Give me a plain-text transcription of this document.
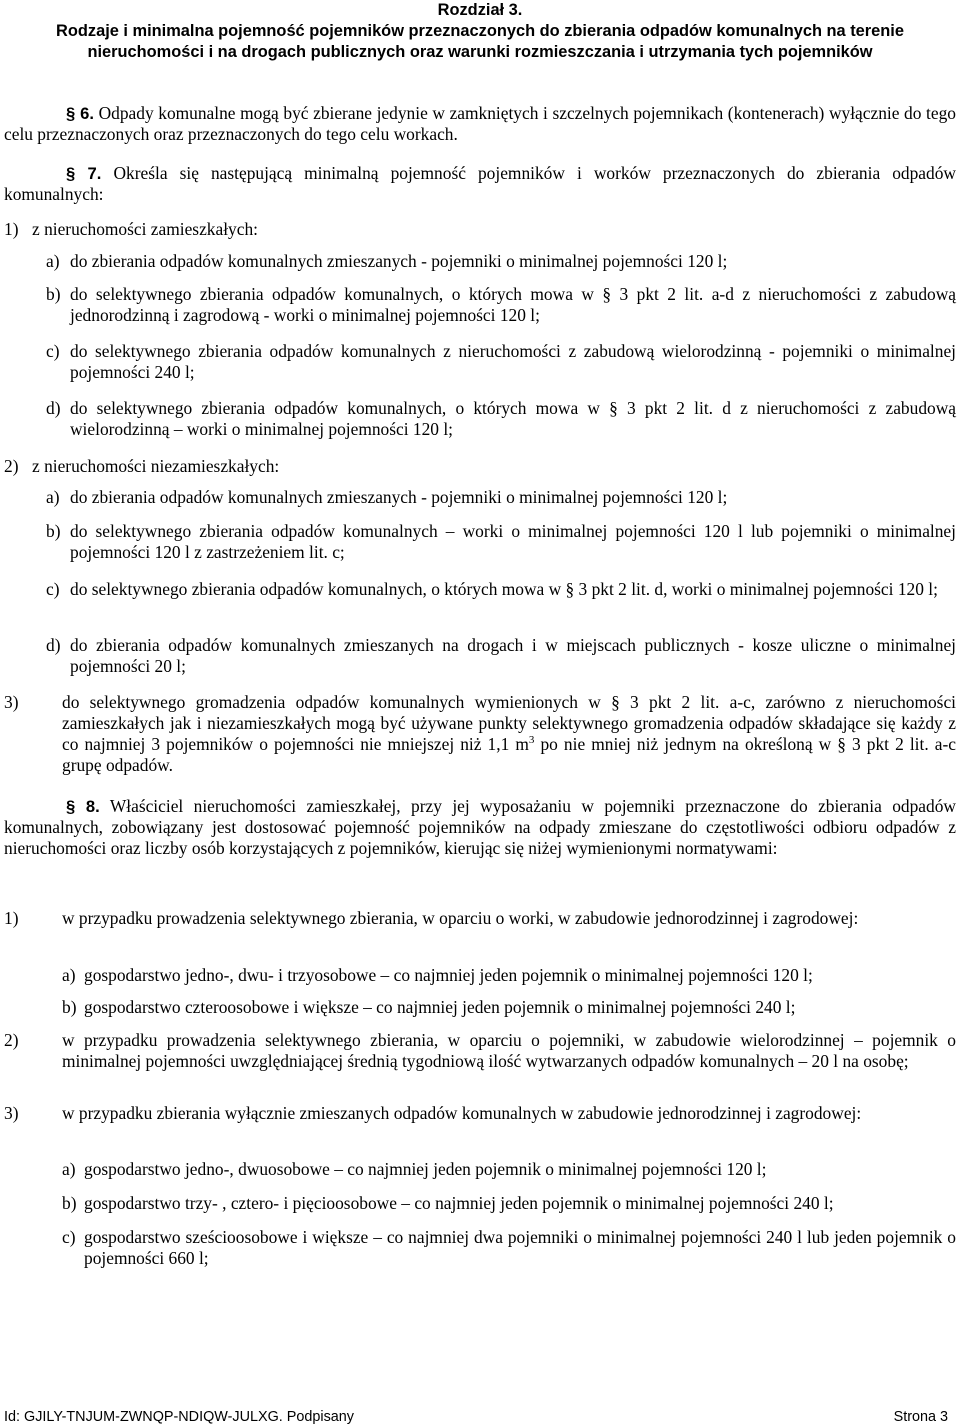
Rozdział 3.
Rodzaje i minimalna pojemność pojemników przeznaczonych do zbierania odpadów komunalnych na terenie nieruchomości i na drogach publicznych oraz warunki rozmieszczania i utrzymania tych pojemników
§ 6. Odpady komunalne mogą być zbierane jedynie w zamkniętych i szczelnych pojemnikach (kontenerach) wyłącznie do tego celu przeznaczonych oraz przeznaczonych do tego celu workach.
§ 7. Określa się następującą minimalną pojemność pojemników i worków przeznaczonych do zbierania odpadów komunalnych:
1) z nieruchomości zamieszkałych:
a) do zbierania odpadów komunalnych zmieszanych - pojemniki o minimalnej pojemności 120 l;
b) do selektywnego zbierania odpadów komunalnych, o których mowa w § 3 pkt 2 lit. a-d z nieruchomości z zabudową jednorodzinną i zagrodową - worki o minimalnej pojemności 120 l;
c) do selektywnego zbierania odpadów komunalnych z nieruchomości z zabudową wielorodzinną - pojemniki o minimalnej pojemności 240 l;
d) do selektywnego zbierania odpadów komunalnych, o których mowa w § 3 pkt 2 lit. d z nieruchomości z zabudową wielorodzinną – worki o minimalnej pojemności 120 l;
2) z nieruchomości niezamieszkałych:
a) do zbierania odpadów komunalnych zmieszanych - pojemniki o minimalnej pojemności 120 l;
b) do selektywnego zbierania odpadów komunalnych – worki o minimalnej pojemności 120 l lub pojemniki o minimalnej pojemności 120 l z zastrzeżeniem lit. c;
c) do selektywnego zbierania odpadów komunalnych, o których mowa w § 3 pkt 2 lit. d, worki o minimalnej pojemności 120 l;
d) do zbierania odpadów komunalnych zmieszanych na drogach i w miejscach publicznych - kosze uliczne o minimalnej pojemności 20 l;
3)	do selektywnego gromadzenia odpadów komunalnych wymienionych w § 3 pkt 2 lit. a-c, zarówno z nieruchomości zamieszkałych jak i niezamieszkałych mogą być używane punkty selektywnego gromadzenia odpadów składające się każdy z co najmniej 3 pojemników o pojemności nie mniejszej niż 1,1 $m^3$ po nie mniej niż jednym na określoną w § 3 pkt 2 lit. a-c grupę odpadów.
§ 8. Właściciel nieruchomości zamieszkałej, przy jej wyposażaniu w pojemniki przeznaczone do zbierania odpadów komunalnych, zobowiązany jest dostosować pojemność pojemników na odpady zmieszane do częstotliwości odbioru odpadów z nieruchomości oraz liczby osób korzystających z pojemników, kierując się niżej wymienionymi normatywami:
1)	w przypadku prowadzenia selektywnego zbierania, w oparciu o worki, w zabudowie jednorodzinnej i zagrodowej:
a) gospodarstwo jedno-, dwu- i trzyosobowe – co najmniej jeden pojemnik o minimalnej pojemności 120 l;
b) gospodarstwo czteroosobowe i większe – co najmniej jeden pojemnik o minimalnej pojemności 240 l;
2)	w przypadku prowadzenia selektywnego zbierania, w oparciu o pojemniki, w zabudowie wielorodzinnej – pojemnik o minimalnej pojemności uwzględniającej średnią tygodniową ilość wytwarzanych odpadów komunalnych – 20 l na osobę;
3)	w przypadku zbierania wyłącznie zmieszanych odpadów komunalnych w zabudowie jednorodzinnej i zagrodowej:
a) gospodarstwo jedno-, dwuosobowe – co najmniej jeden pojemnik o minimalnej pojemności 120 l;
b) gospodarstwo trzy- , cztero- i pięcioosobowe – co najmniej jeden pojemnik o minimalnej pojemności 240 l;
c) gospodarstwo sześcioosobowe i większe – co najmniej dwa pojemniki o minimalnej pojemności 240 l lub jeden pojemnik o pojemności 660 l;
Id: GJILY-TNJUM-ZWNQP-NDIQW-JULXG. Podpisany	Strona 3
